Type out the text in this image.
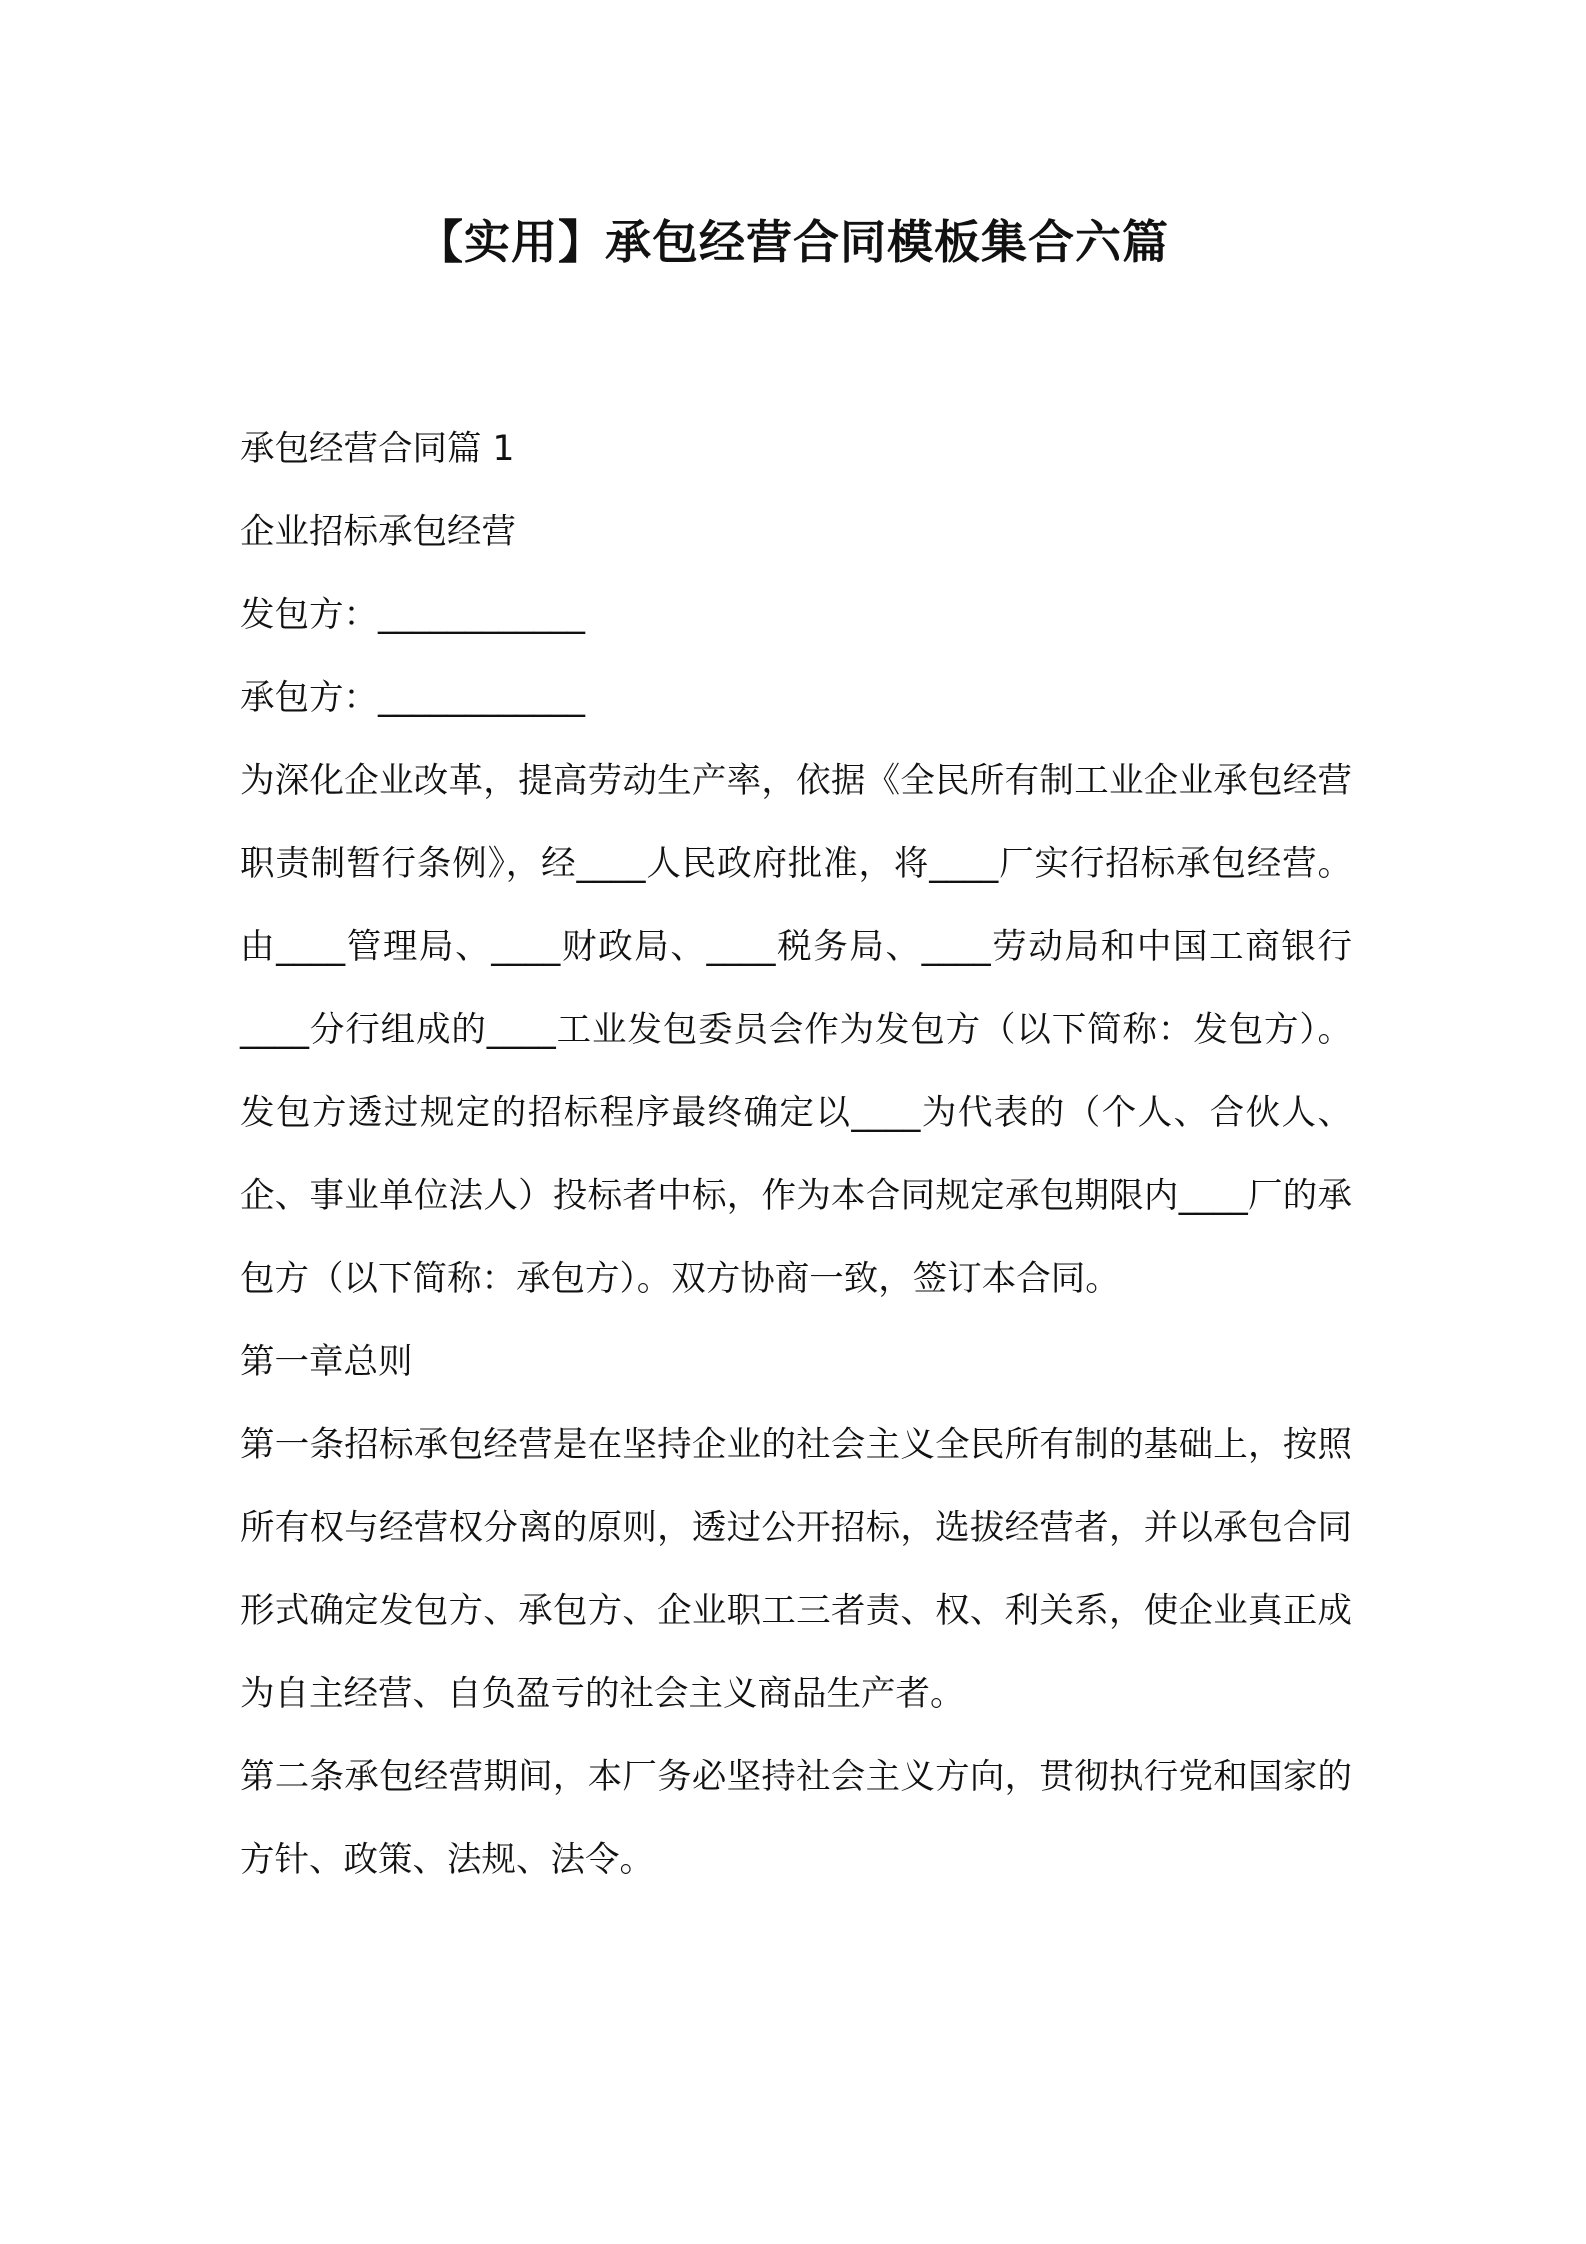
【实用】承包经营合同模板集合六篇

承包经营合同篇 1

企业招标承包经营

发包方：____________

承包方：____________

为深化企业改革，提高劳动生产率，依据《全民所有制工业企业承包经营职责制暂行条例》，经____人民政府批准，将____厂实行招标承包经营。由____管理局、____财政局、____税务局、____劳动局和中国工商银行____分行组成的____工业发包委员会作为发包方（以下简称：发包方）。发包方透过规定的招标程序最终确定以____为代表的（个人、合伙人、企、事业单位法人）投标者中标，作为本合同规定承包期限内____厂的承包方（以下简称：承包方）。双方协商一致，签订本合同。

第一章总则

第一条招标承包经营是在坚持企业的社会主义全民所有制的基础上，按照所有权与经营权分离的原则，透过公开招标，选拔经营者，并以承包合同形式确定发包方、承包方、企业职工三者责、权、利关系，使企业真正成为自主经营、自负盈亏的社会主义商品生产者。

第二条承包经营期间，本厂务必坚持社会主义方向，贯彻执行党和国家的方针、政策、法规、法令。
